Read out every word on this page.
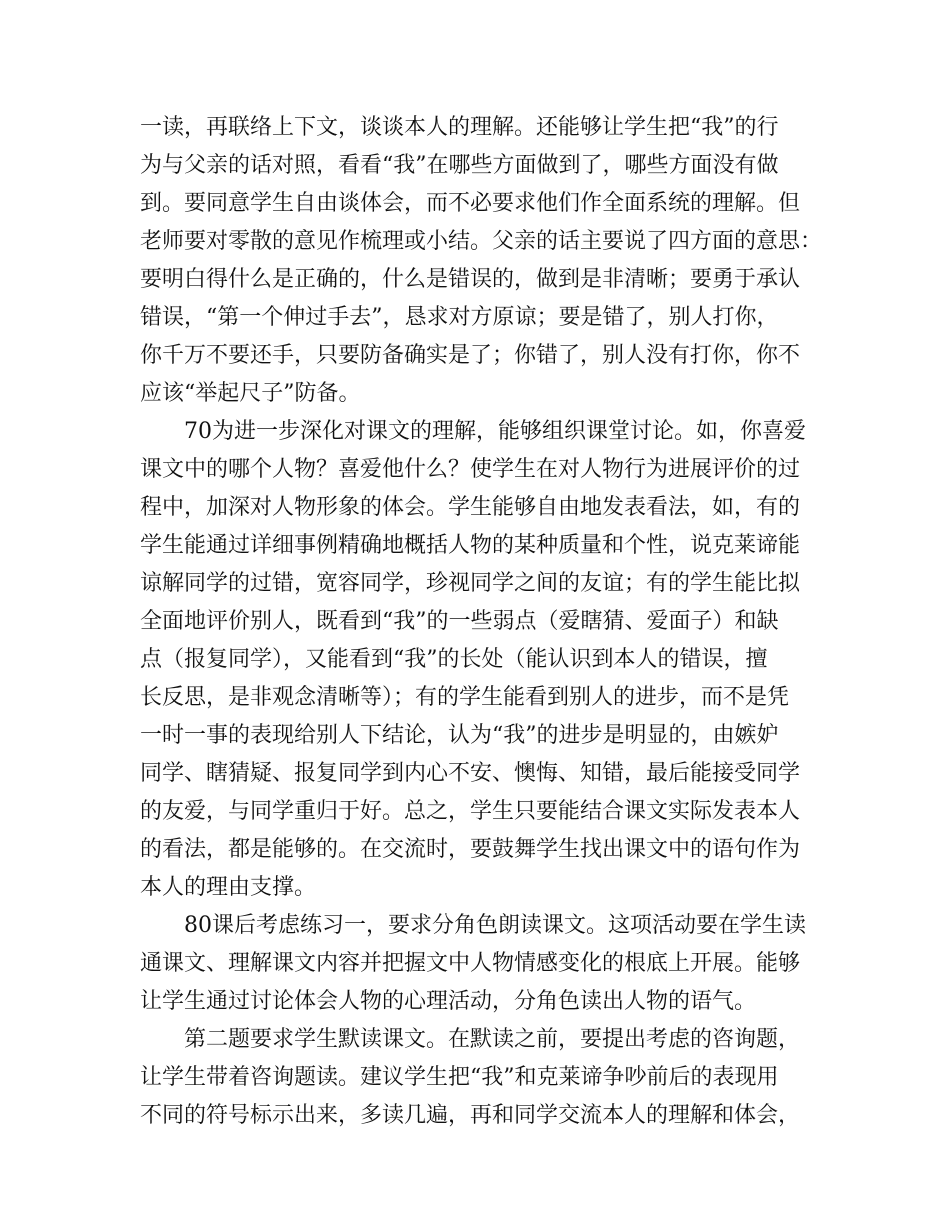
一读，再联络上下文，谈谈本人的理解。还能够让学生把“我”的行
为与父亲的话对照，看看“我”在哪些方面做到了，哪些方面没有做
到。要同意学生自由谈体会，而不必要求他们作全面系统的理解。但
老师要对零散的意见作梳理或小结。父亲的话主要说了四方面的意思：
要明白得什么是正确的，什么是错误的，做到是非清晰；要勇于承认
错误，“第一个伸过手去”，恳求对方原谅；要是错了，别人打你，
你千万不要还手，只要防备确实是了；你错了，别人没有打你，你不
应该“举起尺子”防备。
70为进一步深化对课文的理解，能够组织课堂讨论。如，你喜爱
课文中的哪个人物？喜爱他什么？使学生在对人物行为进展评价的过
程中，加深对人物形象的体会。学生能够自由地发表看法，如，有的
学生能通过详细事例精确地概括人物的某种质量和个性，说克莱谛能
谅解同学的过错，宽容同学，珍视同学之间的友谊；有的学生能比拟
全面地评价别人，既看到“我”的一些弱点（爱瞎猜、爱面子）和缺
点（报复同学），又能看到“我”的长处（能认识到本人的错误，擅
长反思，是非观念清晰等）；有的学生能看到别人的进步，而不是凭
一时一事的表现给别人下结论，认为“我”的进步是明显的，由嫉妒
同学、瞎猜疑、报复同学到内心不安、懊悔、知错，最后能接受同学
的友爱，与同学重归于好。总之，学生只要能结合课文实际发表本人
的看法，都是能够的。在交流时，要鼓舞学生找出课文中的语句作为
本人的理由支撑。
80课后考虑练习一，要求分角色朗读课文。这项活动要在学生读
通课文、理解课文内容并把握文中人物情感变化的根底上开展。能够
让学生通过讨论体会人物的心理活动，分角色读出人物的语气。
第二题要求学生默读课文。在默读之前，要提出考虑的咨询题，
让学生带着咨询题读。建议学生把“我”和克莱谛争吵前后的表现用
不同的符号标示出来，多读几遍，再和同学交流本人的理解和体会，
